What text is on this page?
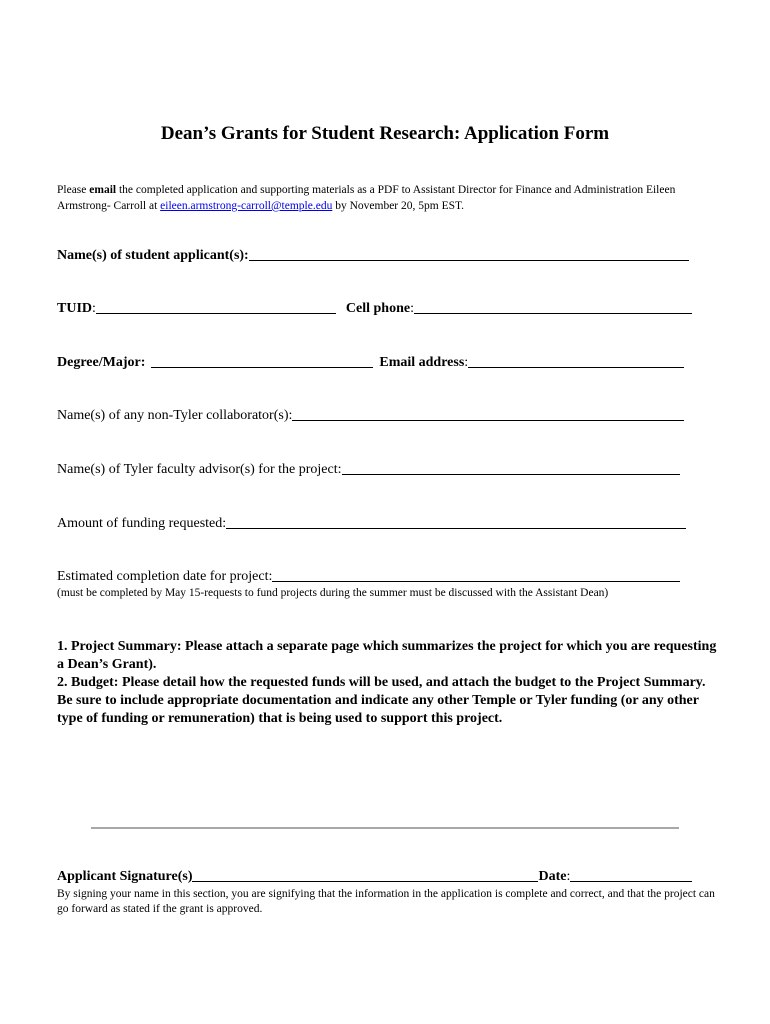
Dean’s Grants for Student Research: Application Form
Please email the completed application and supporting materials as a PDF to Assistant Director for Finance and Administration Eileen Armstrong- Carroll at eileen.armstrong-carroll@temple.edu by November 20, 5pm EST.
Name(s) of student applicant(s):
TUID :	Cell phone :
Degree/Major:	Email address :
Name(s) of any non-Tyler collaborator(s):
Name(s) of Tyler faculty advisor(s) for the project:
Amount of funding requested:
Estimated completion date for project:
(must be completed by May 15-requests to fund projects during the summer must be discussed with the Assistant Dean)

1. Project Summary: Please attach a separate page which summarizes the project for which you are requesting a Dean’s Grant).

2. Budget: Please detail how the requested funds will be used, and attach the budget to the Project Summary. Be sure to include appropriate documentation and indicate any other Temple or Tyler funding (or any other type of funding or remuneration) that is being used to support this project.

Applicant Signature(s)	Date :
By signing your name in this section, you are signifying that the information in the application is complete and correct, and that the project can go forward as stated if the grant is approved.
